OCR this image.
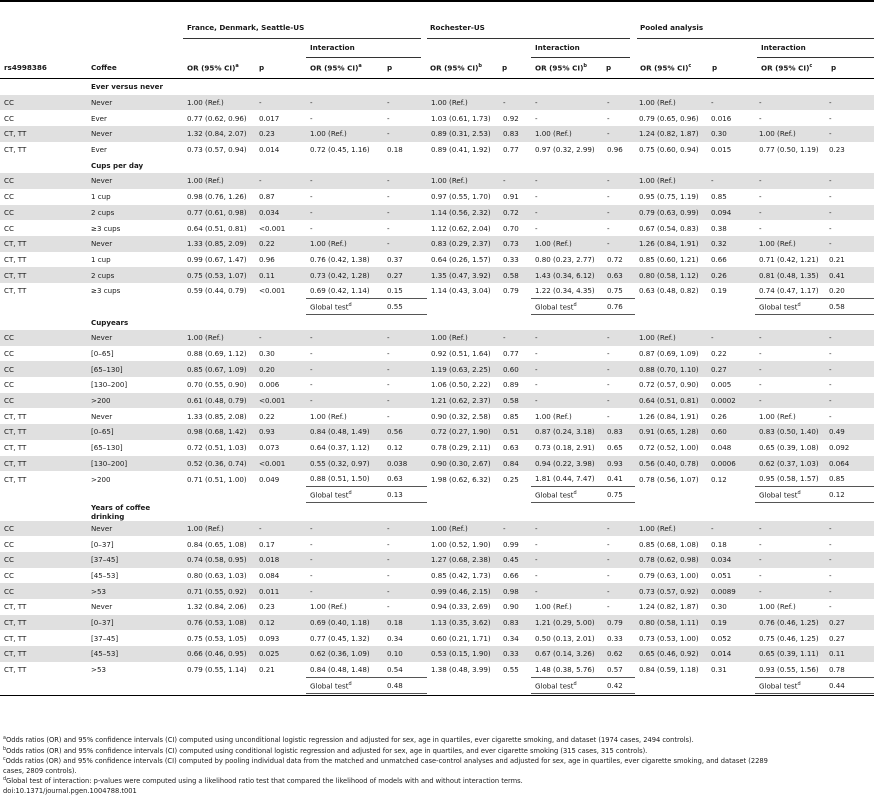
France, Denmark, Seattle-US	Rochester-US	Pooled analysis
Interaction	Interaction	Interaction
rs4998386	Coffee	OR (95% CI)$^a$	p	OR (95% CI)$^a$	p	OR (95% CI)$^b$	p	OR (95% CI)$^b$	p	OR (95% CI)$^c$	p	OR (95% CI)$^c$	p
	Ever versus never												
CC	Never	1.00 (Ref.)	-	-	-	1.00 (Ref.)	-	-	-	1.00 (Ref.)	-	-	-
CC	Ever	0.77 (0.62, 0.96)	0.017	-	-	1.03 (0.61, 1.73)	0.92	-	-	0.79 (0.65, 0.96)	0.016	-	-
CT, TT	Never	1.32 (0.84, 2.07)	0.23	1.00 (Ref.)	-	0.89 (0.31, 2.53)	0.83	1.00 (Ref.)	-	1.24 (0.82, 1.87)	0.30	1.00 (Ref.)	-
CT, TT	Ever	0.73 (0.57, 0.94)	0.014	0.72 (0.45, 1.16)	0.18	0.89 (0.41, 1.92)	0.77	0.97 (0.32, 2.99)	0.96	0.75 (0.60, 0.94)	0.015	0.77 (0.50, 1.19)	0.23
	Cups per day												
CC	Never	1.00 (Ref.)	-	-	-	1.00 (Ref.)	-	-	-	1.00 (Ref.)	-	-	-
CC	1 cup	0.98 (0.76, 1.26)	0.87	-	-	0.97 (0.55, 1.70)	0.91	-	-	0.95 (0.75, 1.19)	0.85	-	-
CC	2 cups	0.77 (0.61, 0.98)	0.034	-	-	1.14 (0.56, 2.32)	0.72	-	-	0.79 (0.63, 0.99)	0.094	-	-
CC	≥3 cups	0.64 (0.51, 0.81)	<0.001	-	-	1.12 (0.62, 2.04)	0.70	-	-	0.67 (0.54, 0.83)	0.38	-	-
CT, TT	Never	1.33 (0.85, 2.09)	0.22	1.00 (Ref.)	-	0.83 (0.29, 2.37)	0.73	1.00 (Ref.)	-	1.26 (0.84, 1.91)	0.32	1.00 (Ref.)	-
CT, TT	1 cup	0.99 (0.67, 1.47)	0.96	0.76 (0.42, 1.38)	0.37	0.64 (0.26, 1.57)	0.33	0.80 (0.23, 2.77)	0.72	0.85 (0.60, 1.21)	0.66	0.71 (0.42, 1.21)	0.21
CT, TT	2 cups	0.75 (0.53, 1.07)	0.11	0.73 (0.42, 1.28)	0.27	1.35 (0.47, 3.92)	0.58	1.43 (0.34, 6.12)	0.63	0.80 (0.58, 1.12)	0.26	0.81 (0.48, 1.35)	0.41
CT, TT	≥3 cups	0.59 (0.44, 0.79)	<0.001	0.69 (0.42, 1.14)	0.15	1.14 (0.43, 3.04)	0.79	1.22 (0.34, 4.35)	0.75	0.63 (0.48, 0.82)	0.19	0.74 (0.47, 1.17)	0.20
				Global test$^d$	0.55			Global test$^d$	0.76			Global test$^d$	0.58
	Cupyears												
CC	Never	1.00 (Ref.)	-	-	-	1.00 (Ref.)	-	-	-	1.00 (Ref.)	-	-	-
CC	[0–65]	0.88 (0.69, 1.12)	0.30	-	-	0.92 (0.51, 1.64)	0.77	-	-	0.87 (0.69, 1.09)	0.22	-	-
CC	[65–130]	0.85 (0.67, 1.09)	0.20	-	-	1.19 (0.63, 2.25)	0.60	-	-	0.88 (0.70, 1.10)	0.27	-	-
CC	[130–200]	0.70 (0.55, 0.90)	0.006	-	-	1.06 (0.50, 2.22)	0.89	-	-	0.72 (0.57, 0.90)	0.005	-	-
CC	>200	0.61 (0.48, 0.79)	<0.001	-	-	1.21 (0.62, 2.37)	0.58	-	-	0.64 (0.51, 0.81)	0.0002	-	-
CT, TT	Never	1.33 (0.85, 2.08)	0.22	1.00 (Ref.)	-	0.90 (0.32, 2.58)	0.85	1.00 (Ref.)	-	1.26 (0.84, 1.91)	0.26	1.00 (Ref.)	-
CT, TT	[0–65]	0.98 (0.68, 1.42)	0.93	0.84 (0.48, 1.49)	0.56	0.72 (0.27, 1.90)	0.51	0.87 (0.24, 3.18)	0.83	0.91 (0.65, 1.28)	0.60	0.83 (0.50, 1.40)	0.49
CT, TT	[65–130]	0.72 (0.51, 1.03)	0.073	0.64 (0.37, 1.12)	0.12	0.78 (0.29, 2.11)	0.63	0.73 (0.18, 2.91)	0.65	0.72 (0.52, 1.00)	0.048	0.65 (0.39, 1.08)	0.092
CT, TT	[130–200]	0.52 (0.36, 0.74)	<0.001	0.55 (0.32, 0.97)	0.038	0.90 (0.30, 2.67)	0.84	0.94 (0.22, 3.98)	0.93	0.56 (0.40, 0.78)	0.0006	0.62 (0.37, 1.03)	0.064
CT, TT	>200	0.71 (0.51, 1.00)	0.049	0.88 (0.51, 1.50)	0.63	1.98 (0.62, 6.32)	0.25	1.81 (0.44, 7.47)	0.41	0.78 (0.56, 1.07)	0.12	0.95 (0.58, 1.57)	0.85
				Global test$^d$	0.13			Global test$^d$	0.75			Global test$^d$	0.12
	Years of coffee drinking												
CC	Never	1.00 (Ref.)	-	-	-	1.00 (Ref.)	-	-	-	1.00 (Ref.)	-	-	-
CC	[0–37]	0.84 (0.65, 1.08)	0.17	-	-	1.00 (0.52, 1.90)	0.99	-	-	0.85 (0.68, 1.08)	0.18	-	-
CC	[37–45]	0.74 (0.58, 0.95)	0.018	-	-	1.27 (0.68, 2.38)	0.45	-	-	0.78 (0.62, 0.98)	0.034	-	-
CC	[45–53]	0.80 (0.63, 1.03)	0.084	-	-	0.85 (0.42, 1.73)	0.66	-	-	0.79 (0.63, 1.00)	0.051	-	-
CC	>53	0.71 (0.55, 0.92)	0.011	-	-	0.99 (0.46, 2.15)	0.98	-	-	0.73 (0.57, 0.92)	0.0089	-	-
CT, TT	Never	1.32 (0.84, 2.06)	0.23	1.00 (Ref.)	-	0.94 (0.33, 2.69)	0.90	1.00 (Ref.)	-	1.24 (0.82, 1.87)	0.30	1.00 (Ref.)	-
CT, TT	[0–37]	0.76 (0.53, 1.08)	0.12	0.69 (0.40, 1.18)	0.18	1.13 (0.35, 3.62)	0.83	1.21 (0.29, 5.00)	0.79	0.80 (0.58, 1.11)	0.19	0.76 (0.46, 1.25)	0.27
CT, TT	[37–45]	0.75 (0.53, 1.05)	0.093	0.77 (0.45, 1.32)	0.34	0.60 (0.21, 1.71)	0.34	0.50 (0.13, 2.01)	0.33	0.73 (0.53, 1.00)	0.052	0.75 (0.46, 1.25)	0.27
CT, TT	[45–53]	0.66 (0.46, 0.95)	0.025	0.62 (0.36, 1.09)	0.10	0.53 (0.15, 1.90)	0.33	0.67 (0.14, 3.26)	0.62	0.65 (0.46, 0.92)	0.014	0.65 (0.39, 1.11)	0.11
CT, TT	>53	0.79 (0.55, 1.14)	0.21	0.84 (0.48, 1.48)	0.54	1.38 (0.48, 3.99)	0.55	1.48 (0.38, 5.76)	0.57	0.84 (0.59, 1.18)	0.31	0.93 (0.55, 1.56)	0.78
				Global test$^d$	0.48			Global test$^d$	0.42			Global test$^d$	0.44
$^a$Odds ratios (OR) and 95% confidence intervals (CI) computed using unconditional logistic regression and adjusted for sex, age in quartiles, ever cigarette smoking, and dataset (1974 cases, 2494 controls).
$^b$Odds ratios (OR) and 95% confidence intervals (CI) computed using conditional logistic regression and adjusted for sex, age in quartiles, and ever cigarette smoking (315 cases, 315 controls).
$^c$Odds ratios (OR) and 95% confidence intervals (CI) computed by pooling individual data from the matched and unmatched case-control analyses and adjusted for sex, age in quartiles, ever cigarette smoking, and dataset (2289
cases, 2809 controls).
$^d$Global test of interaction: p-values were computed using a likelihood ratio test that compared the likelihood of models with and without interaction terms.
doi:10.1371/journal.pgen.1004788.t001
